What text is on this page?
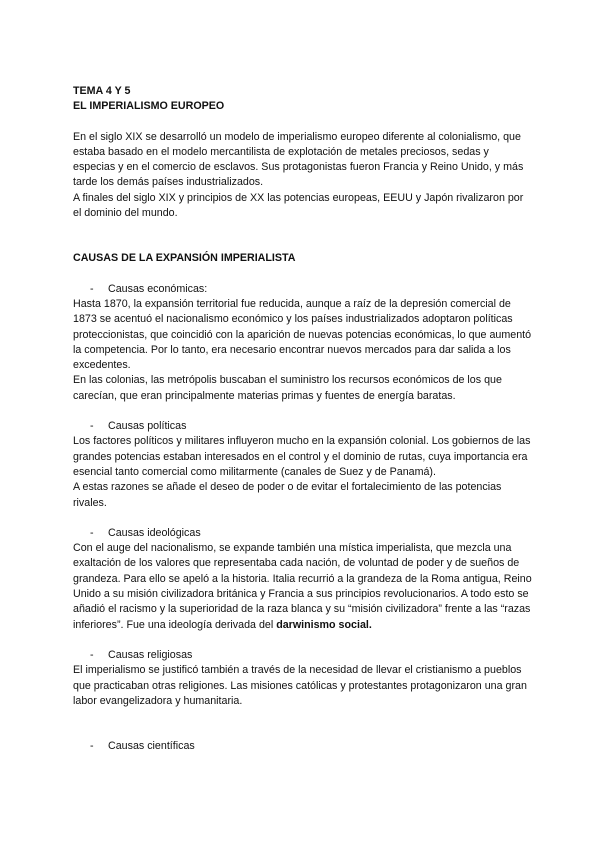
TEMA 4 Y 5

EL IMPERIALISMO EUROPEO

En el siglo XIX se desarrolló un modelo de imperialismo europeo diferente al colonialismo, que estaba basado en el modelo mercantilista de explotación de metales preciosos, sedas y especias y en el comercio de esclavos. Sus protagonistas fueron Francia y Reino Unido, y más tarde los demás países industrializados.

A finales del siglo XIX y principios de XX las potencias europeas, EEUU y Japón rivalizaron por el dominio del mundo.

CAUSAS DE LA EXPANSIÓN IMPERIALISTA

- Causas económicas:

Hasta 1870, la expansión territorial fue reducida, aunque a raíz de la depresión comercial de 1873 se acentuó el nacionalismo económico y los países industrializados adoptaron políticas proteccionistas, que coincidió con la aparición de nuevas potencias económicas, lo que aumentó la competencia. Por lo tanto, era necesario encontrar nuevos mercados para dar salida a los excedentes.

En las colonias, las metrópolis buscaban el suministro los recursos económicos de los que carecían, que eran principalmente materias primas y fuentes de energía baratas.

- Causas políticas

Los factores políticos y militares influyeron mucho en la expansión colonial. Los gobiernos de las grandes potencias estaban interesados en el control y el dominio de rutas, cuya importancia era esencial tanto comercial como militarmente (canales de Suez y de Panamá).

A estas razones se añade el deseo de poder o de evitar el fortalecimiento de las potencias rivales.

- Causas ideológicas

Con el auge del nacionalismo, se expande también una mística imperialista, que mezcla una exaltación de los valores que representaba cada nación, de voluntad de poder y de sueños de grandeza. Para ello se apeló a la historia. Italia recurrió a la grandeza de la Roma antigua, Reino Unido a su misión civilizadora británica y Francia a sus principios revolucionarios. A todo esto se añadió el racismo y la superioridad de la raza blanca y su “misión civilizadora” frente a las “razas inferiores”. Fue una ideología derivada del darwinismo social.

- Causas religiosas

El imperialismo se justificó también a través de la necesidad de llevar el cristianismo a pueblos que practicaban otras religiones. Las misiones católicas y protestantes protagonizaron una gran labor evangelizadora y humanitaria.

- Causas científicas
